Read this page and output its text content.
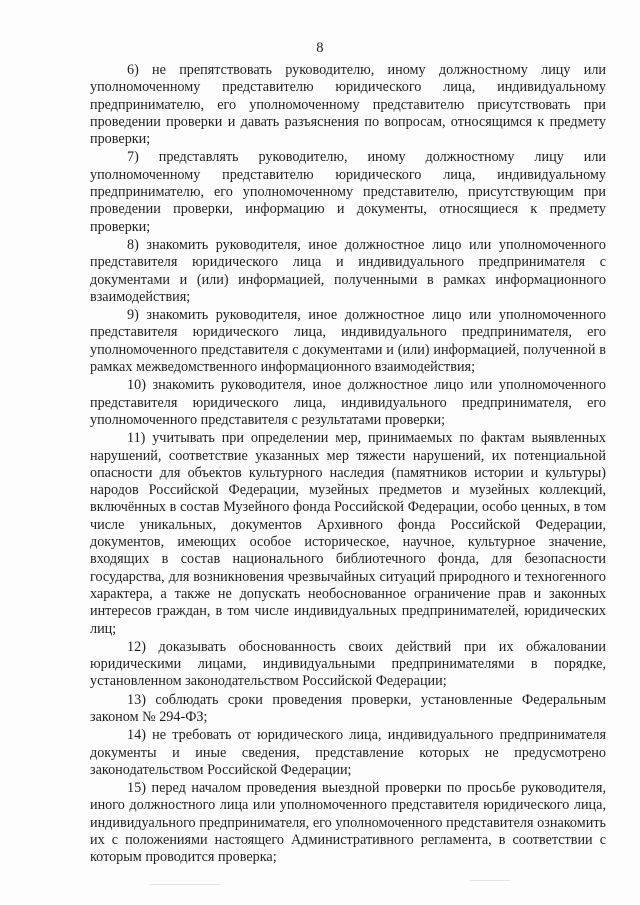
8

6) не препятствовать руководителю, иному должностному лицу или уполномоченному представителю юридического лица, индивидуальному предпринимателю, его уполномоченному представителю присутствовать при проведении проверки и давать разъяснения по вопросам, относящимся к предмету проверки;

7) представлять руководителю, иному должностному лицу или уполномоченному представителю юридического лица, индивидуальному предпринимателю, его уполномоченному представителю, присутствующим при проведении проверки, информацию и документы, относящиеся к предмету проверки;

8) знакомить руководителя, иное должностное лицо или уполномоченного представителя юридического лица и индивидуального предпринимателя с документами и (или) информацией, полученными в рамках информационного взаимодействия;

9) знакомить руководителя, иное должностное лицо или уполномоченного представителя юридического лица, индивидуального предпринимателя, его уполномоченного представителя с документами и (или) информацией, полученной в рамках межведомственного информационного взаимодействия;

10) знакомить руководителя, иное должностное лицо или уполномоченного представителя юридического лица, индивидуального предпринимателя, его уполномоченного представителя с результатами проверки;

11) учитывать при определении мер, принимаемых по фактам выявленных нарушений, соответствие указанных мер тяжести нарушений, их потенциальной опасности для объектов культурного наследия (памятников истории и культуры) народов Российской Федерации, музейных предметов и музейных коллекций, включённых в состав Музейного фонда Российской Федерации, особо ценных, в том числе уникальных, документов Архивного фонда Российской Федерации, документов, имеющих особое историческое, научное, культурное значение, входящих в состав национального библиотечного фонда, для безопасности государства, для возникновения чрезвычайных ситуаций природного и техногенного характера, а также не допускать необоснованное ограничение прав и законных интересов граждан, в том числе индивидуальных предпринимателей, юридических лиц;

12) доказывать обоснованность своих действий при их обжаловании юридическими лицами, индивидуальными предпринимателями в порядке, установленном законодательством Российской Федерации;

13) соблюдать сроки проведения проверки, установленные Федеральным законом № 294-ФЗ;

14) не требовать от юридического лица, индивидуального предпринимателя документы и иные сведения, представление которых не предусмотрено законодательством Российской Федерации;

15) перед началом проведения выездной проверки по просьбе руководителя, иного должностного лица или уполномоченного представителя юридического лица, индивидуального предпринимателя, его уполномоченного представителя ознакомить их с положениями настоящего Административного регламента, в соответствии с которым проводится проверка;
